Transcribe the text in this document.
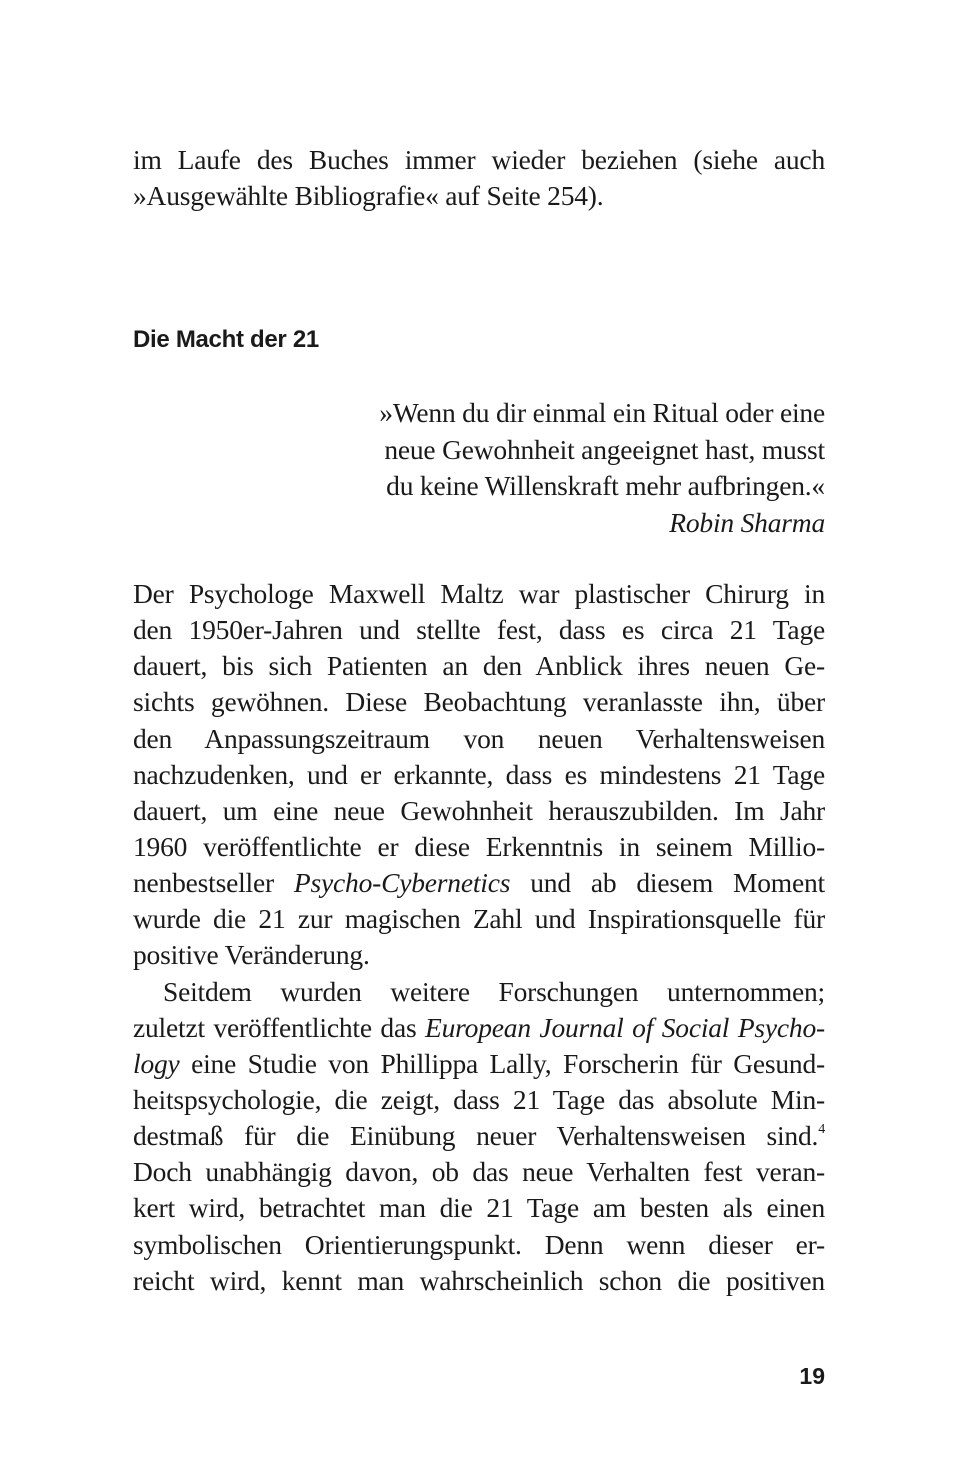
im Laufe des Buches immer wieder beziehen (siehe auch
»Ausgewählte Bibliografie« auf Seite 254).
Die Macht der 21
»Wenn du dir einmal ein Ritual oder eine
neue Gewohnheit angeeignet hast, musst
du keine Willenskraft mehr aufbringen.«
Robin Sharma
Der Psychologe Maxwell Maltz war plastischer Chirurg in
den 1950er-Jahren und stellte fest, dass es circa 21 Tage
dauert, bis sich Patienten an den Anblick ihres neuen Ge-
sichts gewöhnen. Diese Beobachtung veranlasste ihn, über
den Anpassungszeitraum von neuen Verhaltensweisen
nachzudenken, und er erkannte, dass es mindestens 21 Tage
dauert, um eine neue Gewohnheit herauszubilden. Im Jahr
1960 veröffentlichte er diese Erkenntnis in seinem Millio-
nenbestseller Psycho-Cybernetics und ab diesem Moment
wurde die 21 zur magischen Zahl und Inspirationsquelle für
positive Veränderung.
Seitdem wurden weitere Forschungen unternommen;
zuletzt veröffentlichte das European Journal of Social Psycho-
logy eine Studie von Phillippa Lally, Forscherin für Gesund-
heitspsychologie, die zeigt, dass 21 Tage das absolute Min-
destmaß für die Einübung neuer Verhaltensweisen sind.$^4$
Doch unabhängig davon, ob das neue Verhalten fest veran-
kert wird, betrachtet man die 21 Tage am besten als einen
symbolischen Orientierungspunkt. Denn wenn dieser er-
reicht wird, kennt man wahrscheinlich schon die positiven
19
